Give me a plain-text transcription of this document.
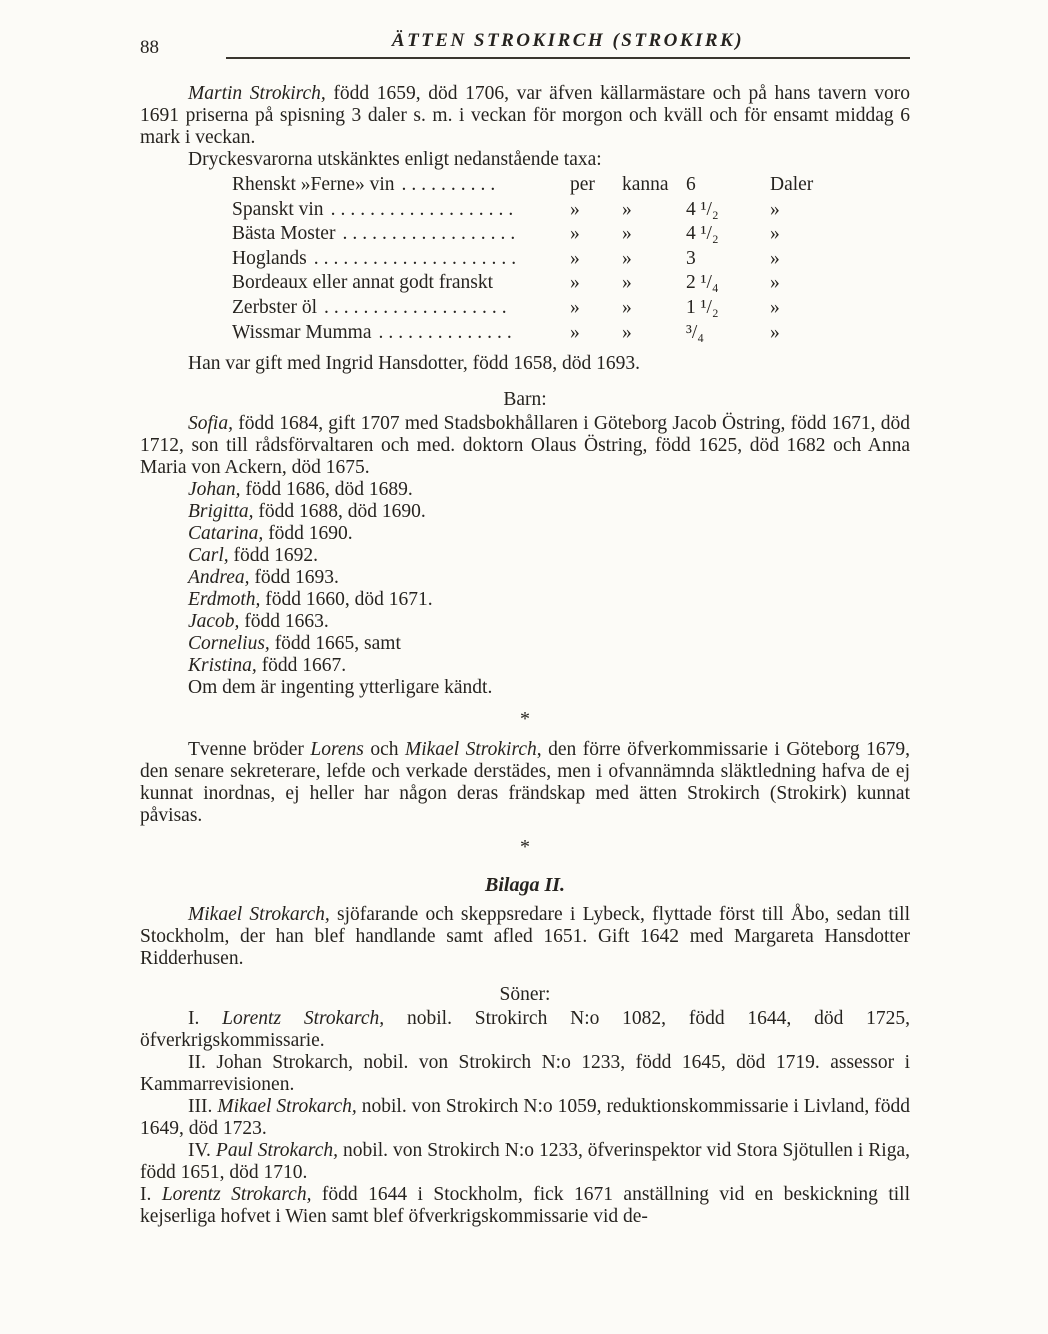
88	ÄTTEN STROKIRCH (STROKIRK)

Martin Strokirch, född 1659, död 1706, var äfven källarmästare och på hans tavern voro 1691 priserna på spisning 3 daler s. m. i veckan för morgon och kväll och för ensamt middag 6 mark i veckan.

Dryckesvarorna utskänktes enligt nedanstående taxa:

Rhenskt »Ferne» vin ..........	per	kanna 6	Daler
Spanskt vin ...................	»	»	4 ¹/₂	»
Bästa Moster ..................	»	»	4 ¹/₂	»
Hoglands .....................	»	»	3	»
Bordeaux eller annat godt franskt	»	»	2 ¹/₄	»
Zerbster öl ...................	»	»	1 ¹/₂	»
Wissmar Mumma ..............	»	»	³/₄	»

Han var gift med Ingrid Hansdotter, född 1658, död 1693.

Barn:

Sofia, född 1684, gift 1707 med Stadsbokhållaren i Göteborg Jacob Östring, född 1671, död 1712, son till rådsförvaltaren och med. doktorn Olaus Östring, född 1625, död 1682 och Anna Maria von Ackern, död 1675.

Johan, född 1686, död 1689.

Brigitta, född 1688, död 1690.

Catarina, född 1690.

Carl, född 1692.

Andrea, född 1693.

Erdmoth, född 1660, död 1671.

Jacob, född 1663.

Cornelius, född 1665, samt

Kristina, född 1667.

Om dem är ingenting ytterligare kändt.

*

Tvenne bröder Lorens och Mikael Strokirch, den förre öfverkommissarie i Göteborg 1679, den senare sekreterare, lefde och verkade derstädes, men i ofvannämnda släktledning hafva de ej kunnat inordnas, ej heller har någon deras frändskap med ätten Strokirch (Strokirk) kunnat påvisas.

*

Bilaga II.

Mikael Strokarch, sjöfarande och skeppsredare i Lybeck, flyttade först till Åbo, sedan till Stockholm, der han blef handlande samt afled 1651. Gift 1642 med Margareta Hansdotter Ridderhusen.

Söner:

I. Lorentz Strokarch, nobil. Strokirch N:o 1082, född 1644, död 1725, öfverkrigskommissarie.

II. Johan Strokarch, nobil. von Strokirch N:o 1233, född 1645, död 1719. assessor i Kammarrevisionen.

III. Mikael Strokarch, nobil. von Strokirch N:o 1059, reduktionskommissarie i Livland, född 1649, död 1723.

IV. Paul Strokarch, nobil. von Strokirch N:o 1233, öfverinspektor vid Stora Sjötullen i Riga, född 1651, död 1710.

I. Lorentz Strokarch, född 1644 i Stockholm, fick 1671 anställning vid en beskickning till kejserliga hofvet i Wien samt blef öfverkrigskommissarie vid de-
